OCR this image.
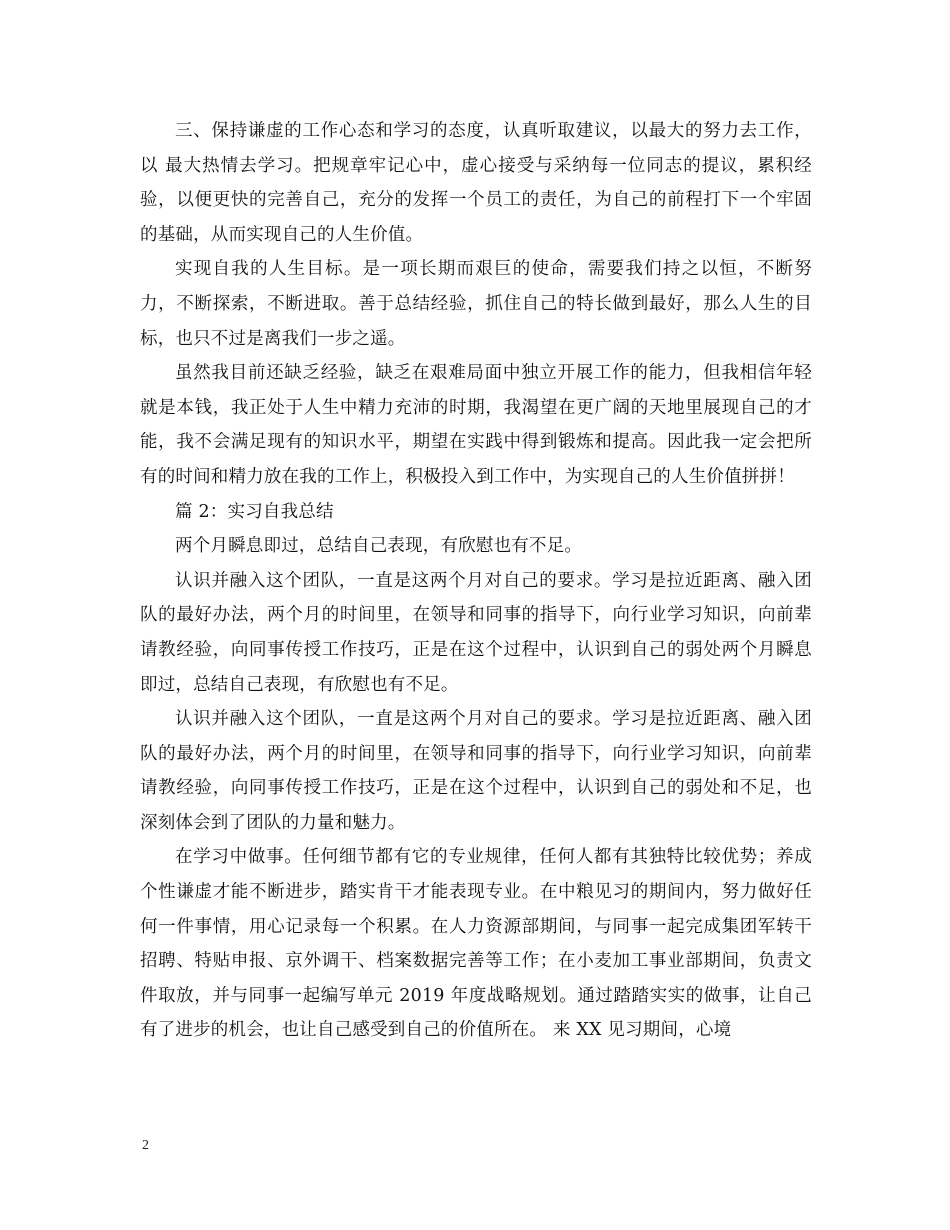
三、保持谦虚的工作心态和学习的态度，认真听取建议，以最大的努力去工作，以 最大热情去学习。把规章牢记心中，虚心接受与采纳每一位同志的提议，累积经验，以便更快的完善自己，充分的发挥一个员工的责任，为自己的前程打下一个牢固的基础，从而实现自己的人生价值。

实现自我的人生目标。是一项长期而艰巨的使命，需要我们持之以恒，不断努力，不断探索，不断进取。善于总结经验，抓住自己的特长做到最好，那么人生的目标，也只不过是离我们一步之遥。

虽然我目前还缺乏经验，缺乏在艰难局面中独立开展工作的能力，但我相信年轻就是本钱，我正处于人生中精力充沛的时期，我渴望在更广阔的天地里展现自己的才能，我不会满足现有的知识水平，期望在实践中得到锻炼和提高。因此我一定会把所有的时间和精力放在我的工作上，积极投入到工作中，为实现自己的人生价值拼拼！

篇 2：实习自我总结

两个月瞬息即过，总结自己表现，有欣慰也有不足。

认识并融入这个团队，一直是这两个月对自己的要求。学习是拉近距离、融入团队的最好办法，两个月的时间里，在领导和同事的指导下，向行业学习知识，向前辈请教经验，向同事传授工作技巧，正是在这个过程中，认识到自己的弱处两个月瞬息即过，总结自己表现，有欣慰也有不足。

认识并融入这个团队，一直是这两个月对自己的要求。学习是拉近距离、融入团队的最好办法，两个月的时间里，在领导和同事的指导下，向行业学习知识，向前辈请教经验，向同事传授工作技巧，正是在这个过程中，认识到自己的弱处和不足，也深刻体会到了团队的力量和魅力。

在学习中做事。任何细节都有它的专业规律，任何人都有其独特比较优势；养成个性谦虚才能不断进步，踏实肯干才能表现专业。在中粮见习的期间内，努力做好任何一件事情，用心记录每一个积累。在人力资源部期间，与同事一起完成集团军转干招聘、特贴申报、京外调干、档案数据完善等工作；在小麦加工事业部期间，负责文件取放，并与同事一起编写单元 2019 年度战略规划。通过踏踏实实的做事，让自己有了进步的机会，也让自己感受到自己的价值所在。 来 XX 见习期间，心境

2
